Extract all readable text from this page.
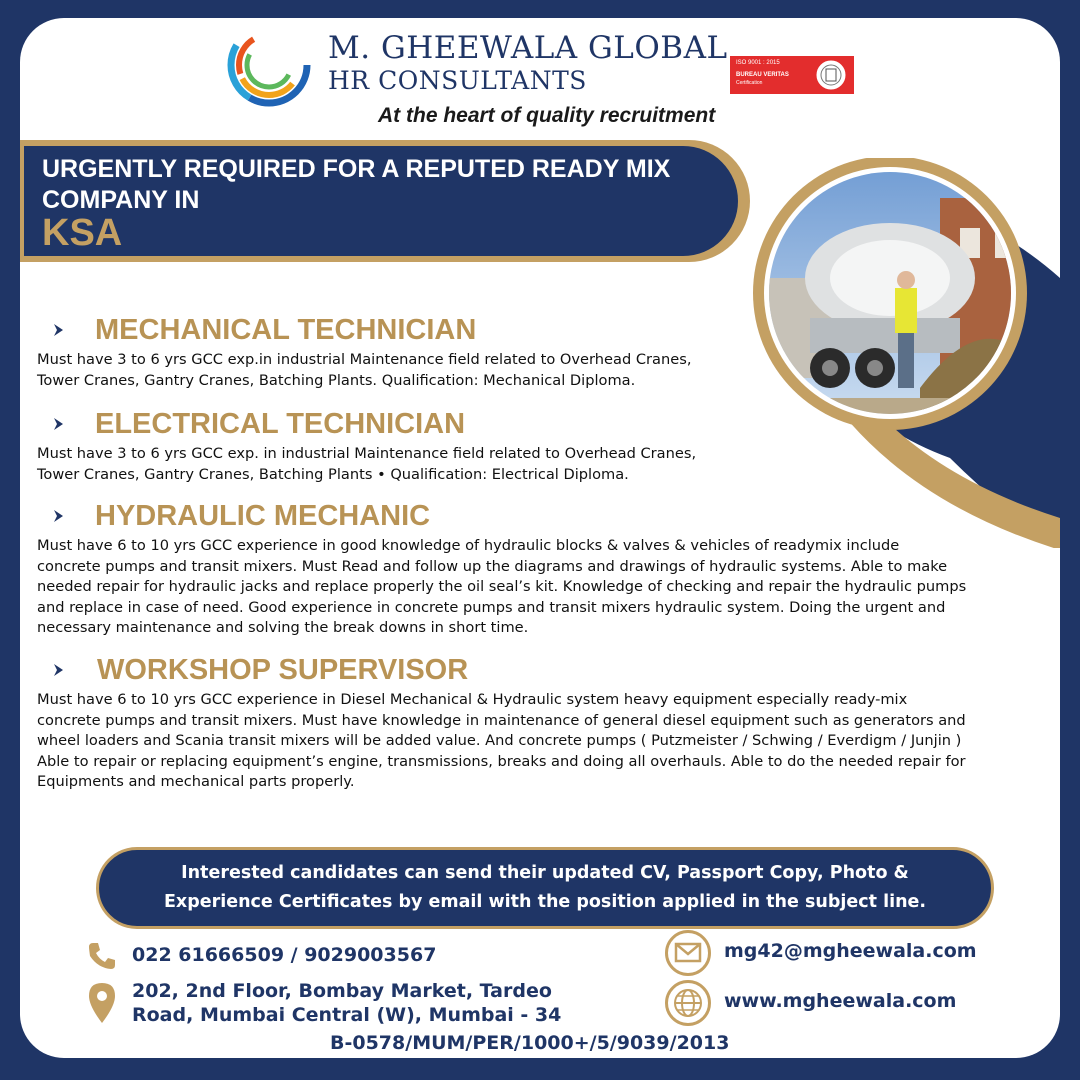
M. GHEEWALA GLOBAL
HR CONSULTANTS
At the heart of quality recruitment
ISO 9001 : 2015
BUREAU VERITAS
Certification
URGENTLY REQUIRED FOR A REPUTED READY MIX COMPANY IN
KSA
MECHANICAL TECHNICIAN
Must have 3 to 6 yrs GCC exp.in industrial Maintenance field related to Overhead Cranes, Tower Cranes, Gantry Cranes, Batching Plants. Qualification: Mechanical Diploma.
ELECTRICAL TECHNICIAN
Must have 3 to 6 yrs GCC exp. in industrial Maintenance field related to Overhead Cranes, Tower Cranes, Gantry Cranes, Batching Plants • Qualification: Electrical Diploma.
HYDRAULIC MECHANIC
Must have 6 to 10 yrs GCC experience in good knowledge of hydraulic blocks & valves & vehicles of readymix include concrete pumps and transit mixers. Must Read and follow up the diagrams and drawings of hydraulic systems. Able to make needed repair for hydraulic jacks and replace properly the oil seal’s kit. Knowledge of checking and repair the hydraulic pumps and replace in case of need. Good experience in concrete pumps and transit mixers hydraulic system. Doing the urgent and necessary maintenance and solving the break downs in short time.
WORKSHOP SUPERVISOR
Must have 6 to 10 yrs GCC experience in Diesel Mechanical & Hydraulic system heavy equipment especially ready-mix concrete pumps and transit mixers. Must have knowledge in maintenance of general diesel equipment such as generators and wheel loaders and Scania transit mixers will be added value. And concrete pumps ( Putzmeister / Schwing / Everdigm / Junjin ) Able to repair or replacing equipment’s engine, transmissions, breaks and doing all overhauls. Able to do the needed repair for Equipments and mechanical parts properly.
Interested candidates can send their updated CV, Passport Copy, Photo & Experience Certificates by email with the position applied in the subject line.
022 61666509 / 9029003567
202, 2nd Floor, Bombay Market, Tardeo
Road, Mumbai Central (W), Mumbai - 34
mg42@mgheewala.com
www.mgheewala.com
B-0578/MUM/PER/1000+/5/9039/2013
